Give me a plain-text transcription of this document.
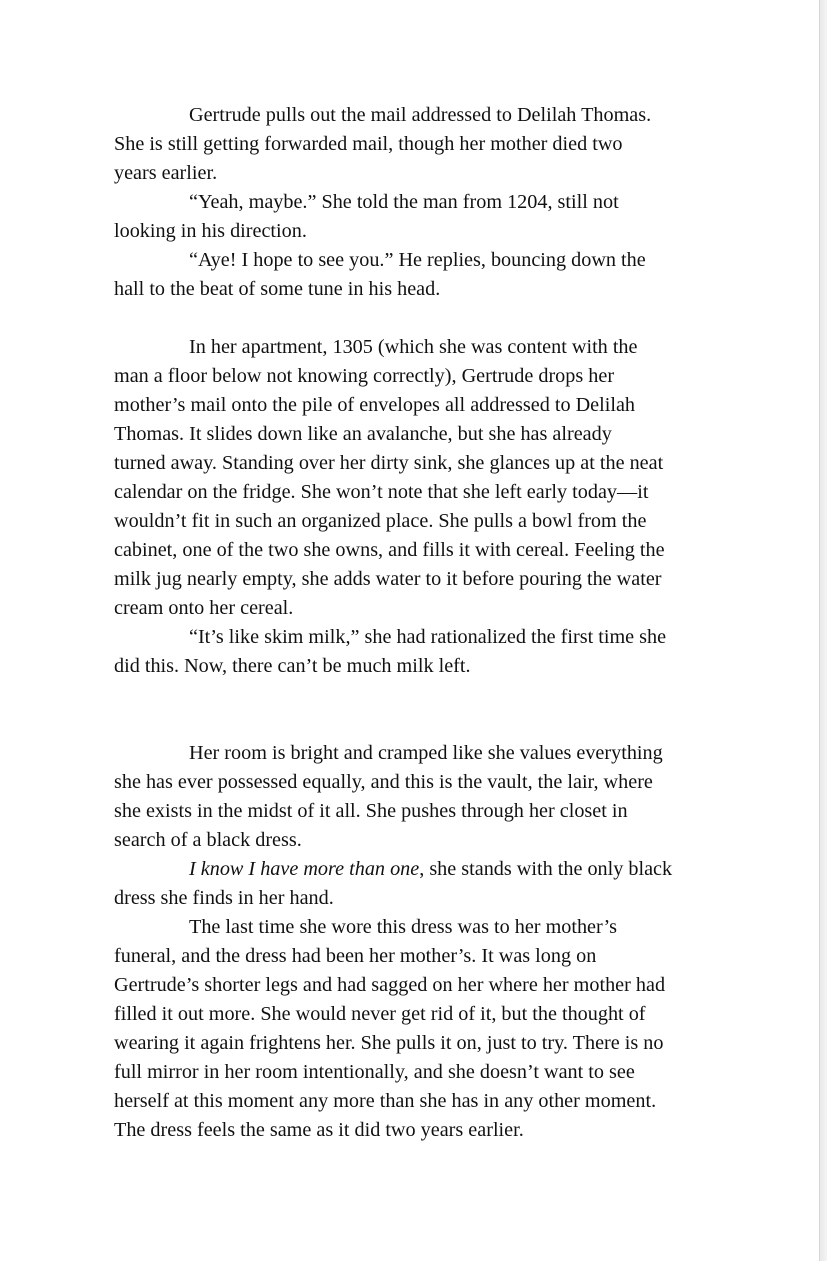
Gertrude pulls out the mail addressed to Delilah Thomas.
She is still getting forwarded mail, though her mother died two
years earlier.

“Yeah, maybe.” She told the man from 1204, still not
looking in his direction.

“Aye! I hope to see you.” He replies, bouncing down the
hall to the beat of some tune in his head.

In her apartment, 1305 (which she was content with the
man a floor below not knowing correctly), Gertrude drops her
mother’s mail onto the pile of envelopes all addressed to Delilah
Thomas. It slides down like an avalanche, but she has already
turned away. Standing over her dirty sink, she glances up at the neat
calendar on the fridge. She won’t note that she left early today—it
wouldn’t fit in such an organized place. She pulls a bowl from the
cabinet, one of the two she owns, and fills it with cereal. Feeling the
milk jug nearly empty, she adds water to it before pouring the water
cream onto her cereal.

“It’s like skim milk,” she had rationalized the first time she
did this. Now, there can’t be much milk left.

Her room is bright and cramped like she values everything
she has ever possessed equally, and this is the vault, the lair, where
she exists in the midst of it all. She pushes through her closet in
search of a black dress.

I know I have more than one, she stands with the only black
dress she finds in her hand.

The last time she wore this dress was to her mother’s
funeral, and the dress had been her mother’s. It was long on
Gertrude’s shorter legs and had sagged on her where her mother had
filled it out more. She would never get rid of it, but the thought of
wearing it again frightens her. She pulls it on, just to try. There is no
full mirror in her room intentionally, and she doesn’t want to see
herself at this moment any more than she has in any other moment.
The dress feels the same as it did two years earlier.
